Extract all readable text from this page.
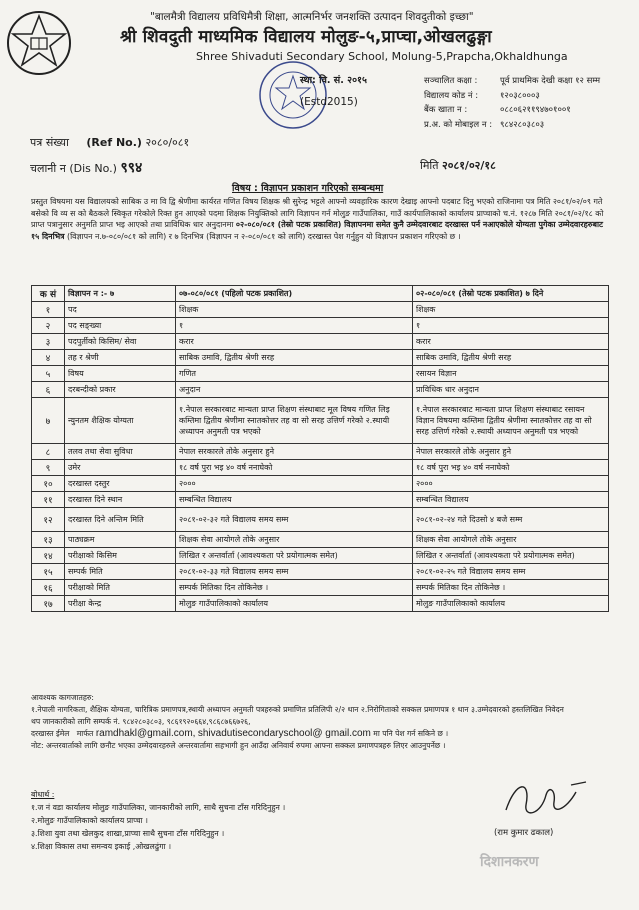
"बालमैत्री विद्यालय प्रविधिमैत्री शिक्षा, आत्मनिर्भर जनशक्ति उत्पादन शिवदुतीको इच्छा"
श्री शिवदुती माध्यमिक विद्यालय मोलुङ-५,प्राप्चा,ओखलढुङ्गा
Shree Shivaduti Secondary School, Molung-5,Prapcha,Okhaldhunga
स्था: वि. सं. २०१५
(Estd2015)
सञ्चालित कक्षा :	पूर्व प्राथमिक देखी कक्षा १२ सम्म
विद्यालय कोड नं :	१२०३८०००३
बैंक खाता न :	०८८०६२११९४७०१००१
प्र.अ. को मोबाइल न : ९८४२८०३८०३
पत्र संख्या (Ref No.) २०८०/०८१
चलानी न (Dis No.) ९९४	मिति २०८१/०२/१८
विषय : विज्ञापन प्रकाशन गरिएको सम्बन्धमा
प्रस्तुत विषयमा यस विद्यालयको साबिक उ मा वि द्वि श्रेणीमा कार्यरत गणित विषय शिक्षक श्री सुरेन्द्र भट्टले आफ्नो व्यवहारिक कारण देखाइ आफ्नो पदबाट दिनु भएको राजिनामा पत्र मिति २०८१/०२/०९ गते बसेको वि व्य स को बैठकले स्विकृत गरेकोले रिक्त हुन आएको पदमा शिक्षक नियुक्तिको लागि विज्ञापन गर्न मोलुङ गाउँपालिका, गाउँ कार्यपालिकाको कार्यालय प्राप्चाको च.नं. १२८७ मिति २०८१/०२/१८ को प्राप्त पत्रानुसार अनुमति प्राप्त भइ आएको तथा प्राविधिक धार अनुदानमा ०२-०८०/०८१ (तेस्रो पटक प्रकाशित) विज्ञापनमा समेत कुनै उम्मेदवारबाट दरखास्त पर्न नआएकोले योग्यता पुगेका उम्मेदवारहरुबाट १५ दिनभित्र (विज्ञापन न.७-०८०/०८१ को लागि) र ७ दिनभित्र (विज्ञापन न २-०८०/०८१ को लागि) दरखास्त पेश गर्नुहुन यो विज्ञापन प्रकाशन गरिएको छ ।
क सं	विज्ञापन न :- ७	०७-०८०/०८१ (पहिलो पटक प्रकाशित)	०२-०८०/०८१ (तेस्रो पटक प्रकाशित) ७ दिने
१	पद	शिक्षक	शिक्षक
२	पद सङ्ख्या	१	१
३	पदपुर्तीको किसिम/ सेवा	करार	करार
४	तह र श्रेणी	साबिक उमावि, द्वितीय श्रेणी सरह	साबिक उमावि, द्वितीय श्रेणी सरह
५	विषय	गणित	रसायन विज्ञान
६	दरबन्दीको प्रकार	अनुदान	प्राविधिक धार अनुदान
७	न्युनतम शैक्षिक योग्यता	१.नेपाल सरकारबाट मान्यता प्राप्त शिक्षण संस्थाबाट मूल विषय गणित लिइ कम्तिमा द्वितीय श्रेणीमा स्नातकोत्तर तह वा सो सरह उत्तिर्ण गरेको २.स्थायी अध्यापन अनुमती पत्र भएको	१.नेपाल सरकारबाट मान्यता प्राप्त शिक्षण संस्थाबाट रसायन विज्ञान विषयमा कम्तिमा द्वितीय श्रेणीमा स्नातकोत्तर तह वा सो सरह उत्तिर्ण गरेको २.स्थायी अध्यापन अनुमती पत्र भएको
८	तलव तथा सेवा सुविधा	नेपाल सरकारले तोके अनुसार हुने	नेपाल सरकारले तोके अनुसार हुने
९	उमेर	१८ वर्ष पुरा भइ ४० वर्ष ननाघेको	१८ वर्ष पुरा भइ ४० वर्ष ननाघेको
१०	दरखास्त दस्तुर	२०००	२०००
११	दरखास्त दिने स्थान	सम्बन्धित विद्यालय	सम्बन्धित विद्यालय
१२	दरखास्त दिने अन्तिम मिति	२०८१-०२-३२ गते विद्यालय समय सम्म	२०८१-०२-२४ गते दिउसो ४ बजे सम्म
१३	पाठ्यक्रम	शिक्षक सेवा आयोगले तोके अनुसार	शिक्षक सेवा आयोगले तोके अनुसार
१४	परीक्षाको किसिम	लिखित र अन्तर्वार्ता (आवश्यकता परे प्रयोगात्मक समेत)	लिखित र अन्तर्वार्ता (आवश्यकता परे प्रयोगात्मक समेत)
१५	सम्पर्क मिति	२०८१-०२-३३ गते विद्यालय समय सम्म	२०८१-०२-२५ गते विद्यालय समय सम्म
१६	परीक्षाको मिति	सम्पर्क मितिका दिन तोकिनेछ ।	सम्पर्क मितिका दिन तोकिनेछ ।
१७	परीक्षा केन्द्र	मोलुङ गाउँपालिकाको कार्यालय	मोलुङ गाउँपालिकाको कार्यालय
आवश्यक कागजातहरु:
१.नेपाली नागरिकता, शैक्षिक योग्यता, चारित्रिक प्रमाणपत्र,स्थायी अध्यापन अनुमती पत्रहरुको प्रमाणित प्रतिलिपी २/२ थान २.निरोगिताको सक्कल प्रमाणपत्र १ थान ३.उम्मेदवारको हस्तलिखित निवेदन
थप जानकारीको लागि सम्पर्क नं. ९८४२८०३८०३, ९८६१९२०६६४,९८६८७६६७२६,
दरखास्त ईमेल मार्फत ramdhakl@gmail.com, shivadutisecondaryschool@ gmail.com मा पनि पेश गर्न सकिने छ ।
नोट: अन्तरवार्ताको लागि छनौट भएका उम्मेदवारहरुले अन्तरवार्तामा सहभागी हुन आउँदा अनिवार्य रुपमा आफ्ना सक्कल प्रमाणपत्रहरु लिएर आउनुपर्नेछ ।
बोधार्थ :
१.ज नं वडा कार्यालय मोलुङ गाउँपालिका, जानकारीको लागि, साथै सुचना टाँस गरिदिनुहुन ।
२.मोलुङ गाउँपालिकाको कार्यालय प्राप्चा ।
३.शिशा युवा तथा खेलकुद शाखा,प्राप्चा साथै सुचना टाँस गरिदिनुहुन ।
४.शिक्षा विकास तथा समन्वय इकाई ,ओखलढुंगा ।
(राम कुमार ढकाल)
दिशानकरण
